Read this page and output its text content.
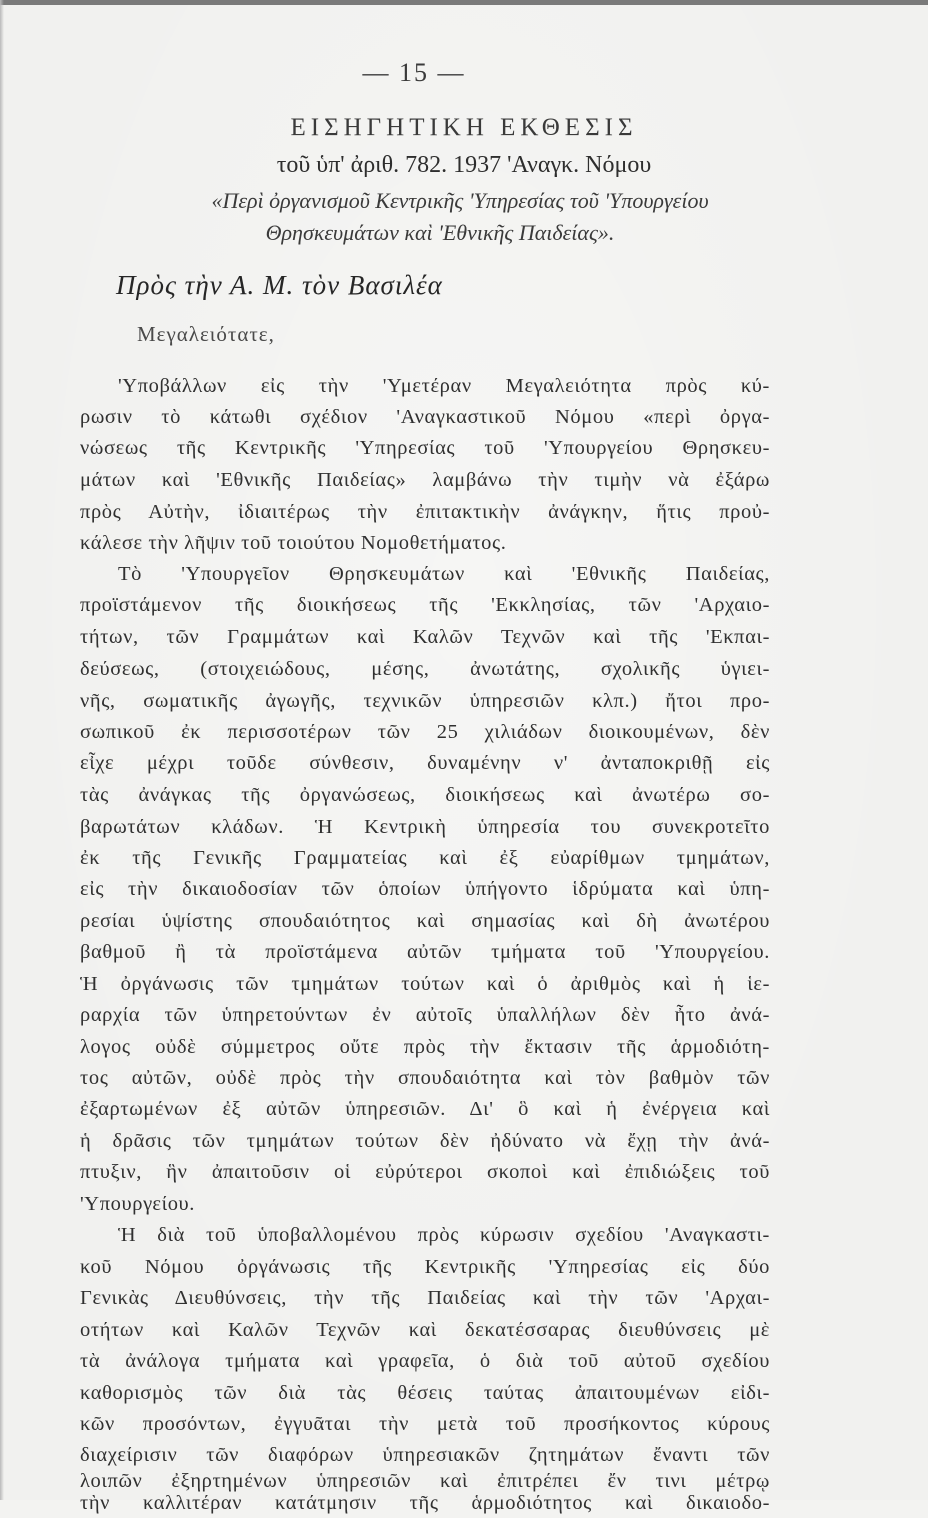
— 15 —
ΕΙΣΗΓΗΤΙΚΗ ΕΚΘΕΣΙΣ
τοῦ ὑπ' ἀριθ. 782. 1937 'Αναγκ. Νόμου
«Περὶ ὀργανισμοῦ Κεντρικῆς 'Υπηρεσίας τοῦ 'Υπουργείου
Θρησκευμάτων καὶ 'Εθνικῆς Παιδείας».
Πρὸς τὴν Α. Μ. τὸν Βασιλέα
Μεγαλειότατε,
'Υποβάλλων εἰς τὴν 'Υμετέραν Μεγαλειότητα πρὸς κύ-
ρωσιν τὸ κάτωθι σχέδιον 'Αναγκαστικοῦ Νόμου «περὶ ὀργα-
νώσεως τῆς Κεντρικῆς 'Υπηρεσίας τοῦ 'Υπουργείου Θρησκευ-
μάτων καὶ 'Εθνικῆς Παιδείας» λαμβάνω τὴν τιμὴν νὰ ἐξάρω
πρὸς Αὐτὴν, ἰδιαιτέρως τὴν ἐπιτακτικὴν ἀνάγκην, ἥτις προὐ-
κάλεσε τὴν λῆψιν τοῦ τοιούτου Νομοθετήματος.
Τὸ 'Υπουργεῖον Θρησκευμάτων καὶ 'Εθνικῆς Παιδείας,
προϊστάμενον τῆς διοικήσεως τῆς 'Εκκλησίας, τῶν 'Αρχαιο-
τήτων, τῶν Γραμμάτων καὶ Καλῶν Τεχνῶν καὶ τῆς 'Εκπαι-
δεύσεως, (στοιχειώδους, μέσης, ἀνωτάτης, σχολικῆς ὑγιει-
νῆς, σωματικῆς ἀγωγῆς, τεχνικῶν ὑπηρεσιῶν κλπ.) ἤτοι προ-
σωπικοῦ ἐκ περισσοτέρων τῶν 25 χιλιάδων διοικουμένων, δὲν
εἶχε μέχρι τοῦδε σύνθεσιν, δυναμένην ν' ἀνταποκριθῇ εἰς
τὰς ἀνάγκας τῆς ὀργανώσεως, διοικήσεως καὶ ἀνωτέρω σο-
βαρωτάτων κλάδων. Ἡ Κεντρικὴ ὑπηρεσία του συνεκροτεῖτο
ἐκ τῆς Γενικῆς Γραμματείας καὶ ἐξ εὐαρίθμων τμημάτων,
εἰς τὴν δικαιοδοσίαν τῶν ὁποίων ὑπήγοντο ἱδρύματα καὶ ὑπη-
ρεσίαι ὑψίστης σπουδαιότητος καὶ σημασίας καὶ δὴ ἀνωτέρου
βαθμοῦ ἢ τὰ προϊστάμενα αὐτῶν τμήματα τοῦ 'Υπουργείου.
Ἡ ὀργάνωσις τῶν τμημάτων τούτων καὶ ὁ ἀριθμὸς καὶ ἡ ἱε-
ραρχία τῶν ὑπηρετούντων ἐν αὐτοῖς ὑπαλλήλων δὲν ἦτο ἀνά-
λογος οὐδὲ σύμμετρος οὔτε πρὸς τὴν ἔκτασιν τῆς ἁρμοδιότη-
τος αὐτῶν, οὐδὲ πρὸς τὴν σπουδαιότητα καὶ τὸν βαθμὸν τῶν
ἐξαρτωμένων ἐξ αὐτῶν ὑπηρεσιῶν. Δι' ὃ καὶ ἡ ἐνέργεια καὶ
ἡ δρᾶσις τῶν τμημάτων τούτων δὲν ἠδύνατο νὰ ἔχῃ τὴν ἀνά-
πτυξιν, ἣν ἀπαιτοῦσιν οἱ εὐρύτεροι σκοποὶ καὶ ἐπιδιώξεις τοῦ
'Υπουργείου.
Ἡ διὰ τοῦ ὑποβαλλομένου πρὸς κύρωσιν σχεδίου 'Αναγκαστι-
κοῦ Νόμου ὀργάνωσις τῆς Κεντρικῆς 'Υπηρεσίας εἰς δύο
Γενικὰς Διευθύνσεις, τὴν τῆς Παιδείας καὶ τὴν τῶν 'Αρχαι-
οτήτων καὶ Καλῶν Τεχνῶν καὶ δεκατέσσαρας διευθύνσεις μὲ
τὰ ἀνάλογα τμήματα καὶ γραφεῖα, ὁ διὰ τοῦ αὐτοῦ σχεδίου
καθορισμὸς τῶν διὰ τὰς θέσεις ταύτας ἀπαιτουμένων εἰδι-
κῶν προσόντων, ἐγγυᾶται τὴν μετὰ τοῦ προσήκοντος κύρους
διαχείρισιν τῶν διαφόρων ὑπηρεσιακῶν ζητημάτων ἔναντι τῶν
λοιπῶν ἐξηρτημένων ὑπηρεσιῶν καὶ ἐπιτρέπει ἔν τινι μέτρῳ
τὴν καλλιτέραν κατάτμησιν τῆς ἁρμοδιότητος καὶ δικαιοδο-
